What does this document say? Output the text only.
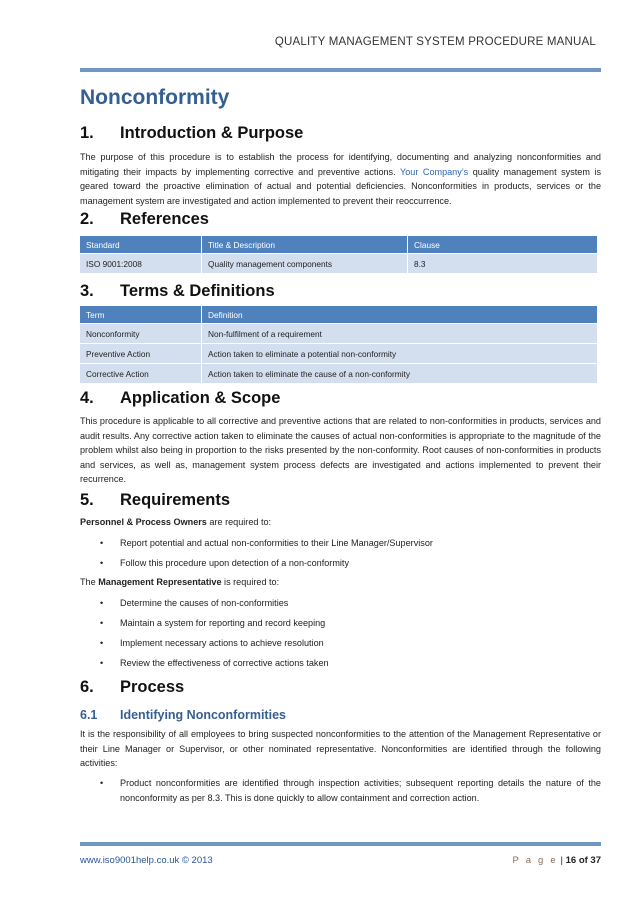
QUALITY MANAGEMENT SYSTEM PROCEDURE MANUAL
Nonconformity
1. Introduction & Purpose
The purpose of this procedure is to establish the process for identifying, documenting and analyzing nonconformities and mitigating their impacts by implementing corrective and preventive actions. Your Company’s quality management system is geared toward the proactive elimination of actual and potential deficiencies. Nonconformities in products, services or the management system are investigated and action implemented to prevent their reoccurrence.
2. References
Standard	Title & Description	Clause
ISO 9001:2008	Quality management components	8.3
3. Terms & Definitions
Term	Definition
Nonconformity	Non-fulfilment of a requirement
Preventive Action	Action taken to eliminate a potential non-conformity
Corrective Action	Action taken to eliminate the cause of a non-conformity
4. Application & Scope
This procedure is applicable to all corrective and preventive actions that are related to non-conformities in products, services and audit results. Any corrective action taken to eliminate the causes of actual non-conformities is appropriate to the magnitude of the problem whilst also being in proportion to the risks presented by the non-conformity. Root causes of non-conformities in products and services, as well as, management system process defects are investigated and actions implemented to prevent their recurrence.
5. Requirements
Personnel & Process Owners are required to:
• Report potential and actual non-conformities to their Line Manager/Supervisor
• Follow this procedure upon detection of a non-conformity
The Management Representative is required to:
• Determine the causes of non-conformities
• Maintain a system for reporting and record keeping
• Implement necessary actions to achieve resolution
• Review the effectiveness of corrective actions taken
6. Process
6.1 Identifying Nonconformities
It is the responsibility of all employees to bring suspected nonconformities to the attention of the Management Representative or their Line Manager or Supervisor, or other nominated representative. Nonconformities are identified through the following activities:
• Product nonconformities are identified through inspection activities; subsequent reporting details the nature of the nonconformity as per 8.3. This is done quickly to allow containment and correction action.
www.iso9001help.co.uk © 2013	P a g e | 16 of 37
